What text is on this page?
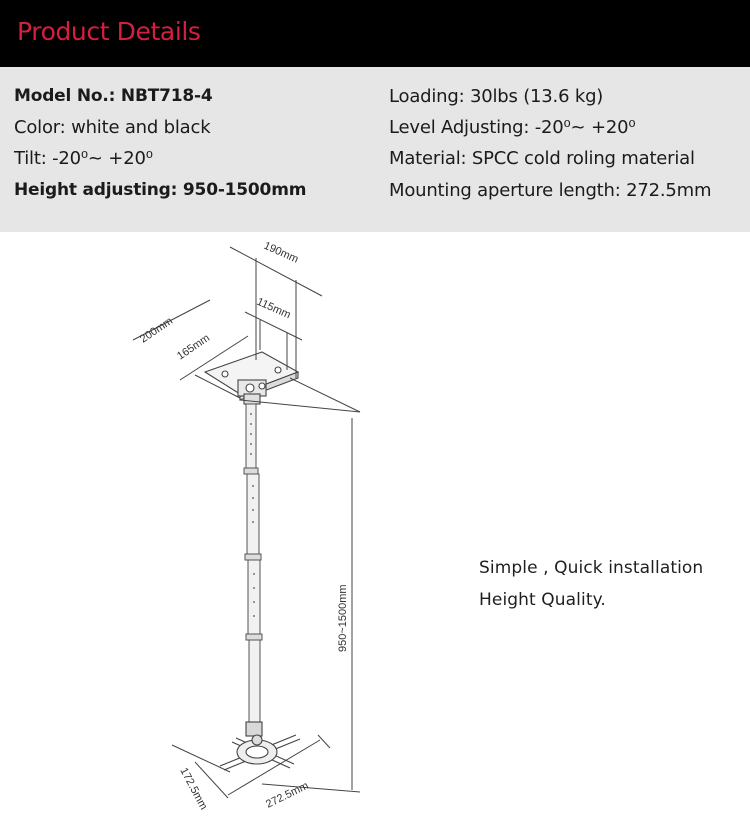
Product Details
Model No.: NBT718-4
Color: white and black
Tilt: -20⁰~ +20⁰
Height adjusting: 950-1500mm
Loading: 30lbs (13.6 kg)
Level Adjusting: -20⁰~ +20⁰
Material: SPCC cold roling material
Mounting aperture length: 272.5mm
190mm
115mm
200mm
165mm
950~1500mm
172.5mm	272.5mm
Simple , Quick installation
Height Quality.
